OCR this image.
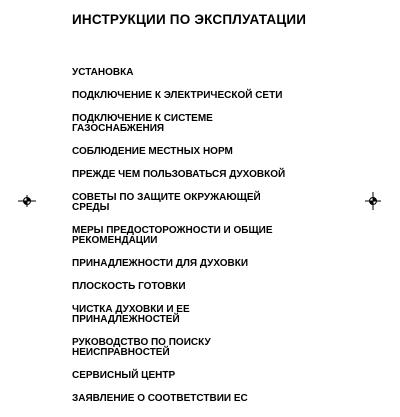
ИНСТРУКЦИИ ПО ЭКСПЛУАТАЦИИ
УСТАНОВКА
ПОДКЛЮЧЕНИЕ К ЭЛЕКТРИЧЕСКОЙ СЕТИ
ПОДКЛЮЧЕНИЕ К СИСТЕМЕ ГАЗОСНАБЖЕНИЯ
СОБЛЮДЕНИЕ МЕСТНЫХ НОРМ
ПРЕЖДЕ ЧЕМ ПОЛЬЗОВАТЬСЯ ДУХОВКОЙ
СОВЕТЫ ПО ЗАЩИТЕ ОКРУЖАЮЩЕЙ СРЕДЫ
МЕРЫ ПРЕДОСТОРОЖНОСТИ И ОБЩИЕ РЕКОМЕНДАЦИИ
ПРИНАДЛЕЖНОСТИ ДЛЯ ДУХОВКИ
ПЛОСКОСТЬ ГОТОВКИ
ЧИСТКА ДУХОВКИ И ЕЕ ПРИНАДЛЕЖНОСТЕЙ
РУКОВОДСТВО ПО ПОИСКУ НЕИСПРАВНОСТЕЙ
СЕРВИСНЫЙ ЦЕНТР
ЗАЯВЛЕНИЕ О СООТВЕТСТВИИ ЕС
